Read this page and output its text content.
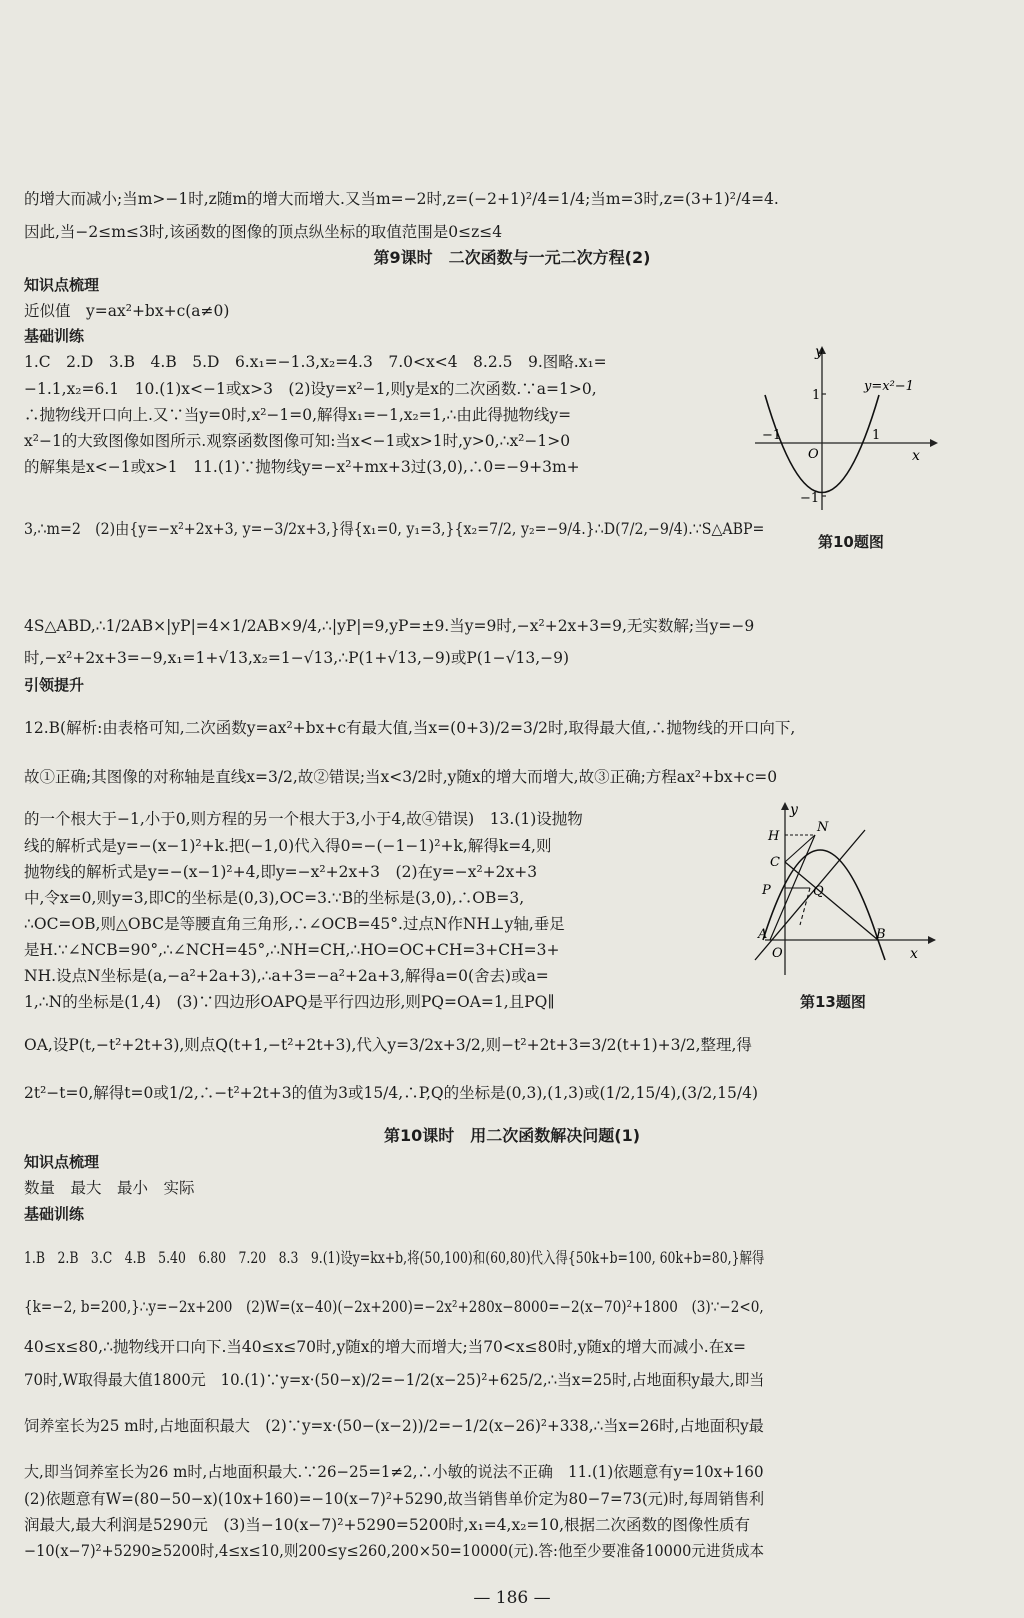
的增大而减小;当m>−1时,z随m的增大而增大.又当m=−2时,z=(−2+1)²/4=1/4;当m=3时,z=(3+1)²/4=4.
因此,当−2≤m≤3时,该函数的图像的顶点纵坐标的取值范围是0≤z≤4
第9课时　二次函数与一元二次方程(2)
知识点梳理
近似值　y=ax²+bx+c(a≠0)
基础训练
1.C　2.D　3.B　4.B　5.D　6.x₁=−1.3,x₂=4.3　7.0<x<4　8.2.5　9.图略.x₁=
−1.1,x₂=6.1　10.(1)x<−1或x>3　(2)设y=x²−1,则y是x的二次函数.∵a=1>0,
∴抛物线开口向上.又∵当y=0时,x²−1=0,解得x₁=−1,x₂=1,∴由此得抛物线y=
x²−1的大致图像如图所示.观察函数图像可知:当x<−1或x>1时,y>0,∴x²−1>0
的解集是x<−1或x>1　11.(1)∵抛物线y=−x²+mx+3过(3,0),∴0=−9+3m+
3,∴m=2　(2)由{y=−x²+2x+3, y=−3/2x+3,}得{x₁=0, y₁=3,}{x₂=7/2, y₂=−9/4.}∴D(7/2,−9/4).∵S△ABP=
y
x
O
1
−1
−1	1
y=x²−1
第10题图
4S△ABD,∴1/2AB×|yP|=4×1/2AB×9/4,∴|yP|=9,yP=±9.当y=9时,−x²+2x+3=9,无实数解;当y=−9
时,−x²+2x+3=−9,x₁=1+√13,x₂=1−√13,∴P(1+√13,−9)或P(1−√13,−9)
引领提升
12.B(解析:由表格可知,二次函数y=ax²+bx+c有最大值,当x=(0+3)/2=3/2时,取得最大值,∴抛物线的开口向下,
故①正确;其图像的对称轴是直线x=3/2,故②错误;当x<3/2时,y随x的增大而增大,故③正确;方程ax²+bx+c=0
的一个根大于−1,小于0,则方程的另一个根大于3,小于4,故④错误)　13.(1)设抛物
线的解析式是y=−(x−1)²+k.把(−1,0)代入得0=−(−1−1)²+k,解得k=4,则
抛物线的解析式是y=−(x−1)²+4,即y=−x²+2x+3　(2)在y=−x²+2x+3
中,令x=0,则y=3,即C的坐标是(0,3),OC=3.∵B的坐标是(3,0),∴OB=3,
∴OC=OB,则△OBC是等腰直角三角形,∴∠OCB=45°.过点N作NH⊥y轴,垂足
是H.∵∠NCB=90°,∴∠NCH=45°,∴NH=CH,∴HO=OC+CH=3+CH=3+
NH.设点N坐标是(a,−a²+2a+3),∴a+3=−a²+2a+3,解得a=0(舍去)或a=
1,∴N的坐标是(1,4)　(3)∵四边形OAPQ是平行四边形,则PQ=OA=1,且PQ∥
y
x
O
A	B
C
H
N
P	Q
第13题图
OA,设P(t,−t²+2t+3),则点Q(t+1,−t²+2t+3),代入y=3/2x+3/2,则−t²+2t+3=3/2(t+1)+3/2,整理,得
2t²−t=0,解得t=0或1/2,∴−t²+2t+3的值为3或15/4,∴P,Q的坐标是(0,3),(1,3)或(1/2,15/4),(3/2,15/4)
第10课时　用二次函数解决问题(1)
知识点梳理
数量　最大　最小　实际
基础训练
1.B　2.B　3.C　4.B　5.40　6.80　7.20　8.3　9.(1)设y=kx+b,将(50,100)和(60,80)代入得{50k+b=100, 60k+b=80,}解得
{k=−2, b=200,}∴y=−2x+200　(2)W=(x−40)(−2x+200)=−2x²+280x−8000=−2(x−70)²+1800　(3)∵−2<0,
40≤x≤80,∴抛物线开口向下.当40≤x≤70时,y随x的增大而增大;当70<x≤80时,y随x的增大而减小.在x=
70时,W取得最大值1800元　10.(1)∵y=x·(50−x)/2=−1/2(x−25)²+625/2,∴当x=25时,占地面积y最大,即当
饲养室长为25 m时,占地面积最大　(2)∵y=x·(50−(x−2))/2=−1/2(x−26)²+338,∴当x=26时,占地面积y最
大,即当饲养室长为26 m时,占地面积最大.∵26−25=1≠2,∴小敏的说法不正确　11.(1)依题意有y=10x+160
(2)依题意有W=(80−50−x)(10x+160)=−10(x−7)²+5290,故当销售单价定为80−7=73(元)时,每周销售利
润最大,最大利润是5290元　(3)当−10(x−7)²+5290=5200时,x₁=4,x₂=10,根据二次函数的图像性质有
−10(x−7)²+5290≥5200时,4≤x≤10,则200≤y≤260,200×50=10000(元).答:他至少要准备10000元进货成本
— 186 —
